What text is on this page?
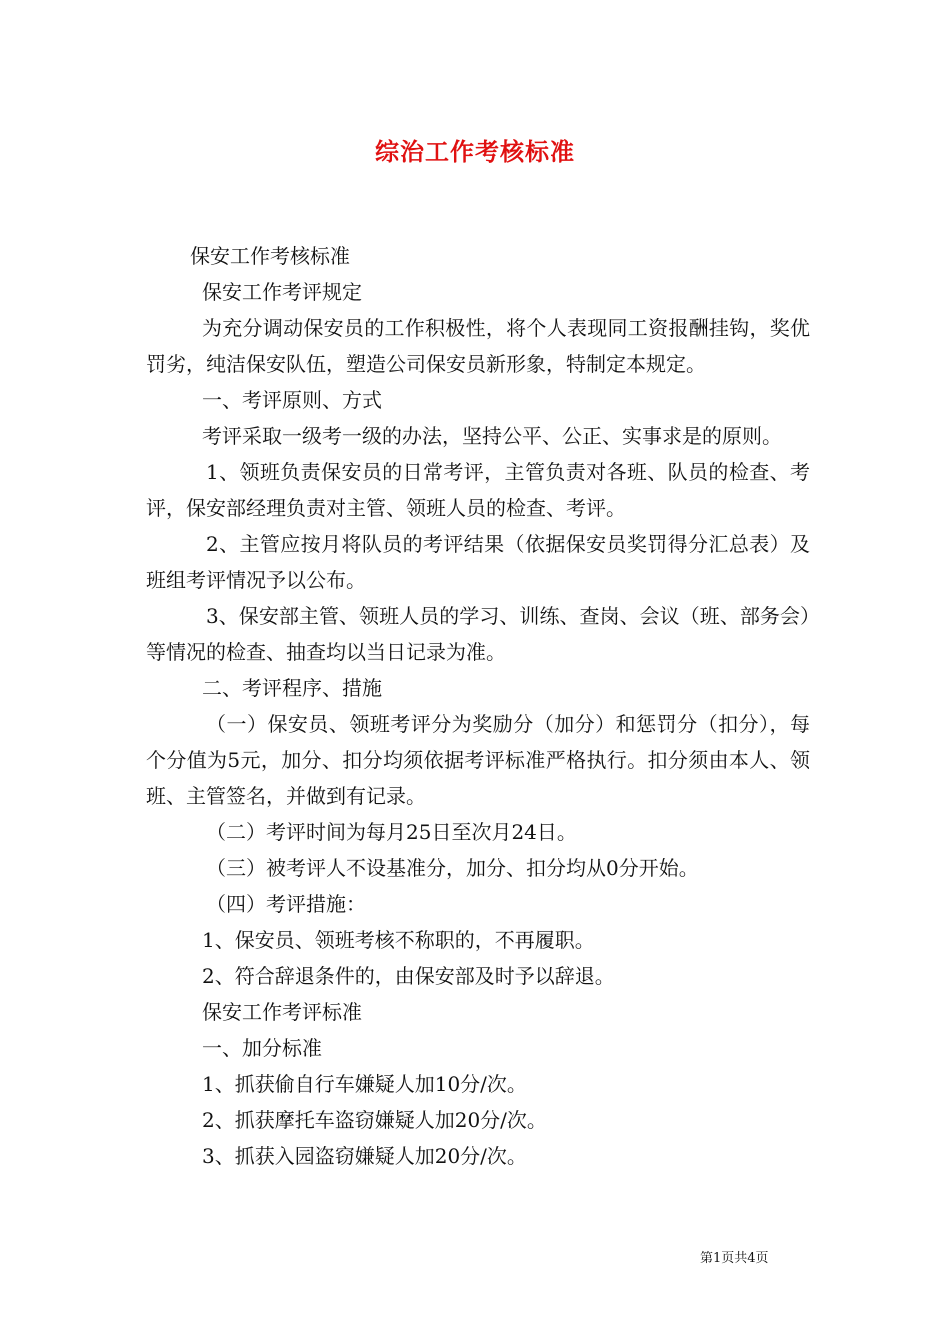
综治工作考核标准

保安工作考核标准

保安工作考评规定

为充分调动保安员的工作积极性，将个人表现同工资报酬挂钩，奖优罚劣，纯洁保安队伍，塑造公司保安员新形象，特制定本规定。

一、考评原则、方式

考评采取一级考一级的办法，坚持公平、公正、实事求是的原则。

1、领班负责保安员的日常考评，主管负责对各班、队员的检查、考评，保安部经理负责对主管、领班人员的检查、考评。

2、主管应按月将队员的考评结果（依据保安员奖罚得分汇总表）及班组考评情况予以公布。

3、保安部主管、领班人员的学习、训练、查岗、会议（班、部务会）等情况的检查、抽查均以当日记录为准。

二、考评程序、措施

（一）保安员、领班考评分为奖励分（加分）和惩罚分（扣分），每个分值为5元，加分、扣分均须依据考评标准严格执行。扣分须由本人、领班、主管签名，并做到有记录。

（二）考评时间为每月25日至次月24日。

（三）被考评人不设基准分，加分、扣分均从0分开始。

（四）考评措施：

1、保安员、领班考核不称职的，不再履职。

2、符合辞退条件的，由保安部及时予以辞退。

保安工作考评标准

一、加分标准

1、抓获偷自行车嫌疑人加10分/次。

2、抓获摩托车盗窃嫌疑人加20分/次。

3、抓获入园盗窃嫌疑人加20分/次。

第1页共4页
